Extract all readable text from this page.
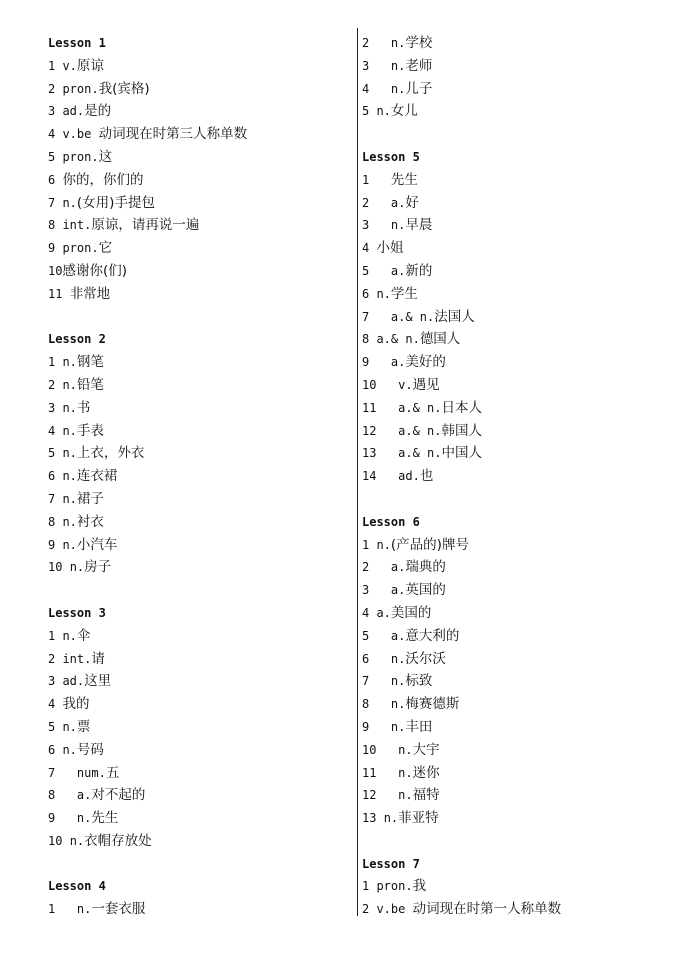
Lesson 1
1 v.原谅
2 pron.我(宾格)
3 ad.是的
4 v.be 动词现在时第三人称单数
5 pron.这
6 你的，你们的
7 n.(女用)手提包
8 int.原谅，请再说一遍
9 pron.它
10感谢你(们)
11 非常地
Lesson 2
1 n.钢笔
2 n.铅笔
3 n.书
4 n.手表
5 n.上衣，外衣
6 n.连衣裙
7 n.裙子
8 n.衬衣
9 n.小汽车
10 n.房子
Lesson 3
1 n.伞
2 int.请
3 ad.这里
4 我的
5 n.票
6 n.号码
7   num.五
8   a.对不起的
9   n.先生
10 n.衣帽存放处
Lesson 4
1   n.一套衣服
2   n.学校
3   n.老师
4   n.儿子
5 n.女儿
Lesson 5
1   先生
2   a.好
3   n.早晨
4 小姐
5   a.新的
6 n.学生
7   a.& n.法国人
8 a.& n.德国人
9   a.美好的
10   v.遇见
11   a.& n.日本人
12   a.& n.韩国人
13   a.& n.中国人
14   ad.也
Lesson 6
1 n.(产品的)牌号
2   a.瑞典的
3   a.英国的
4 a.美国的
5   a.意大利的
6   n.沃尔沃
7   n.标致
8   n.梅赛德斯
9   n.丰田
10   n.大宇
11   n.迷你
12   n.福特
13 n.菲亚特
Lesson 7
1 pron.我
2 v.be 动词现在时第一人称单数
